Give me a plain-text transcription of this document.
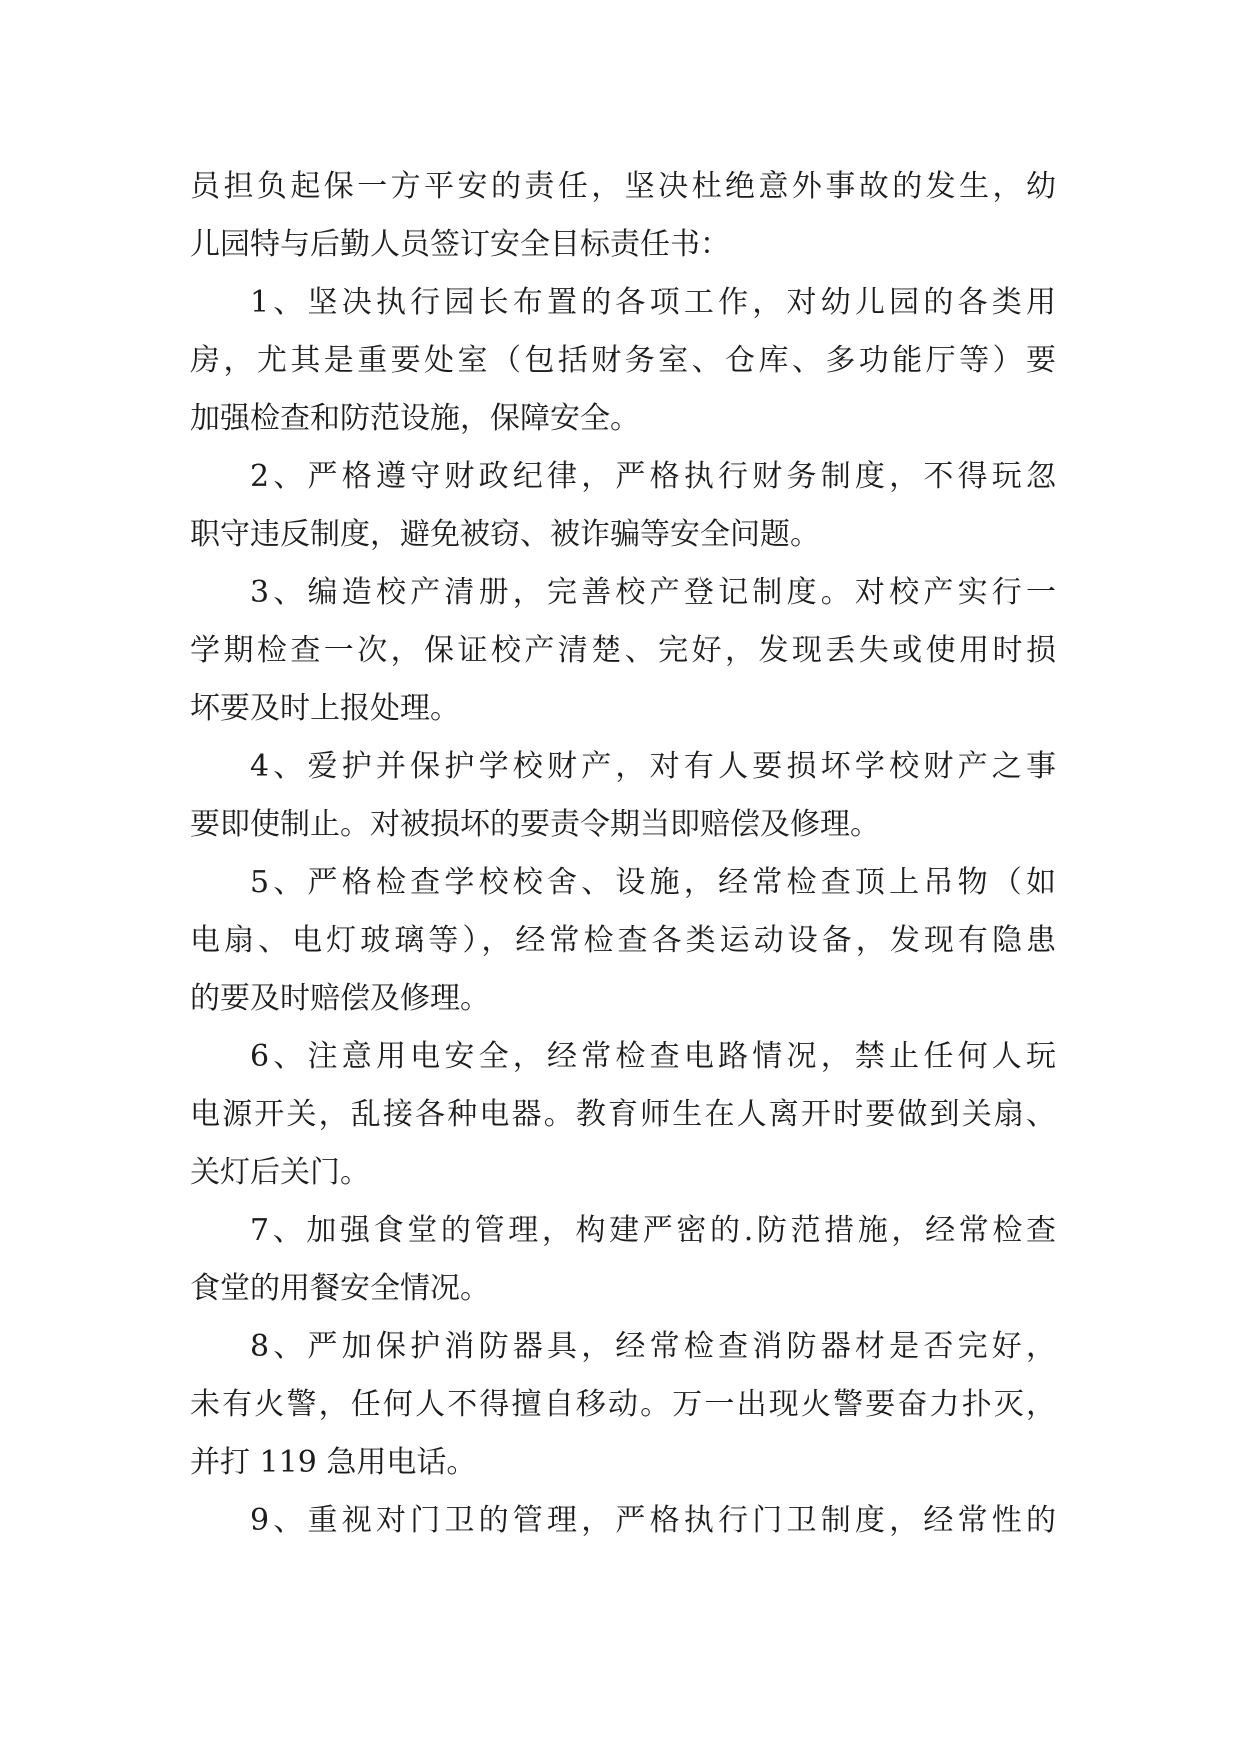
员担负起保一方平安的责任，坚决杜绝意外事故的发生，幼
儿园特与后勤人员签订安全目标责任书：
1、坚决执行园长布置的各项工作，对幼儿园的各类用
房，尤其是重要处室（包括财务室、仓库、多功能厅等）要
加强检查和防范设施，保障安全。
2、严格遵守财政纪律，严格执行财务制度，不得玩忽
职守违反制度，避免被窃、被诈骗等安全问题。
3、编造校产清册，完善校产登记制度。对校产实行一
学期检查一次，保证校产清楚、完好，发现丢失或使用时损
坏要及时上报处理。
4、爱护并保护学校财产，对有人要损坏学校财产之事
要即使制止。对被损坏的要责令期当即赔偿及修理。
5、严格检查学校校舍、设施，经常检查顶上吊物（如
电扇、电灯玻璃等），经常检查各类运动设备，发现有隐患
的要及时赔偿及修理。
6、注意用电安全，经常检查电路情况，禁止任何人玩
电源开关，乱接各种电器。教育师生在人离开时要做到关扇、
关灯后关门。
7、加强食堂的管理，构建严密的.防范措施，经常检查
食堂的用餐安全情况。
8、严加保护消防器具，经常检查消防器材是否完好，
未有火警，任何人不得擅自移动。万一出现火警要奋力扑灭，
并打 119 急用电话。
9、重视对门卫的管理，严格执行门卫制度，经常性的
